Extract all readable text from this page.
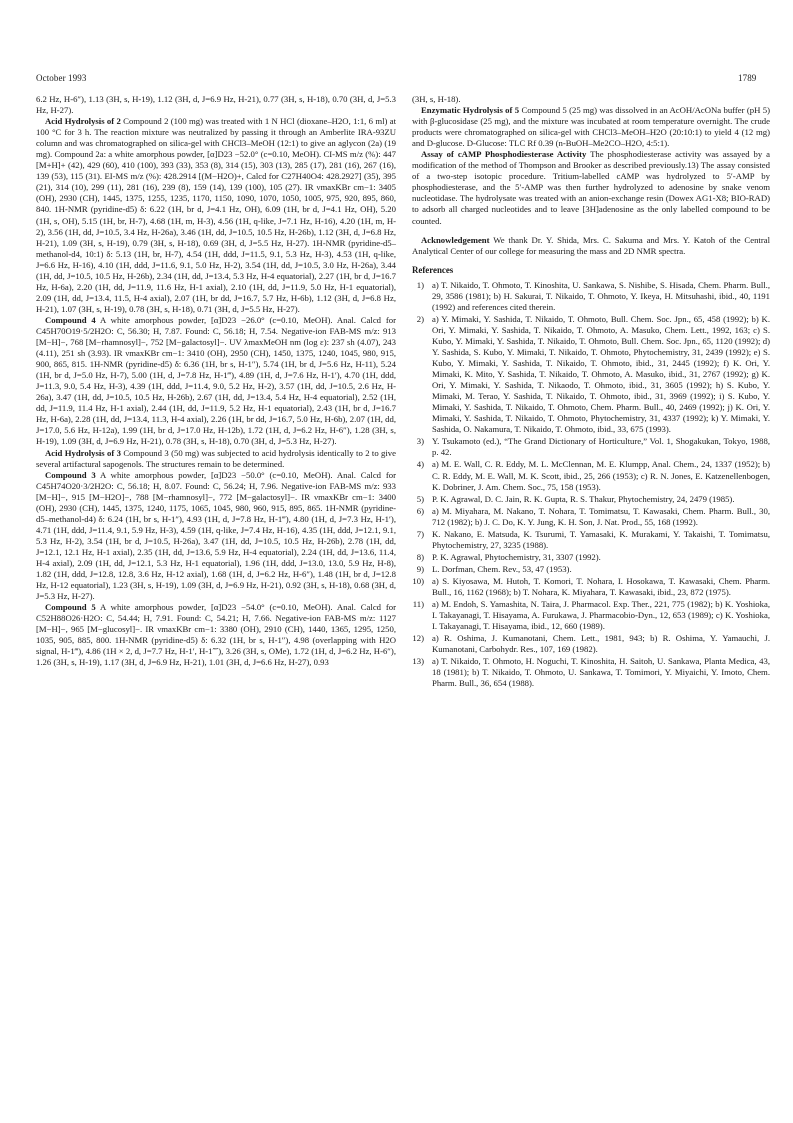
October 1993	1789

6.2 Hz, H-6″), 1.13 (3H, s, H-19), 1.12 (3H, d, J=6.9 Hz, H-21), 0.77 (3H, s, H-18), 0.70 (3H, d, J=5.3 Hz, H-27).

Acid Hydrolysis of 2 Compound 2 (100 mg) was treated with 1 N HCl (dioxane–H2O, 1:1, 6 ml) at 100 °C for 3 h. The reaction mixture was neutralized by passing it through an Amberlite IRA-93ZU column and was chromatographed on silica-gel with CHCl3–MeOH (12:1) to give an aglycon (2a) (19 mg). Compound 2a: a white amorphous powder, [α]D23 −52.0° (c=0.10, MeOH). CI-MS m/z (%): 447 [M+H]+ (42), 429 (60), 410 (100), 393 (33), 353 (8), 314 (15), 303 (13), 285 (17), 281 (16), 267 (16), 139 (53), 115 (31). EI-MS m/z (%): 428.2914 [(M−H2O)+, Calcd for C27H40O4: 428.2927] (35), 395 (21), 314 (10), 299 (11), 281 (16), 239 (8), 159 (14), 139 (100), 105 (27). IR νmaxKBr cm−1: 3405 (OH), 2930 (CH), 1445, 1375, 1255, 1235, 1170, 1150, 1090, 1070, 1050, 1005, 975, 920, 895, 860, 840. 1H-NMR (pyridine-d5) δ: 6.22 (1H, br d, J=4.1 Hz, OH), 6.09 (1H, br d, J=4.1 Hz, OH), 5.20 (1H, s, OH), 5.15 (1H, br, H-7), 4.68 (1H, m, H-3), 4.56 (1H, q-like, J=7.1 Hz, H-16), 4.20 (1H, m, H-2), 3.56 (1H, dd, J=10.5, 3.4 Hz, H-26a), 3.46 (1H, dd, J=10.5, 10.5 Hz, H-26b), 1.12 (3H, d, J=6.8 Hz, H-21), 1.09 (3H, s, H-19), 0.79 (3H, s, H-18), 0.69 (3H, d, J=5.5 Hz, H-27). 1H-NMR (pyridine-d5–methanol-d4, 10:1) δ: 5.13 (1H, br, H-7), 4.54 (1H, ddd, J=11.5, 9.1, 5.3 Hz, H-3), 4.53 (1H, q-like, J=6.6 Hz, H-16), 4.10 (1H, ddd, J=11.6, 9.1, 5.0 Hz, H-2), 3.54 (1H, dd, J=10.5, 3.0 Hz, H-26a), 3.44 (1H, dd, J=10.5, 10.5 Hz, H-26b), 2.34 (1H, dd, J=13.4, 5.3 Hz, H-4 equatorial), 2.27 (1H, br d, J=16.7 Hz, H-6a), 2.20 (1H, dd, J=11.9, 11.6 Hz, H-1 axial), 2.10 (1H, dd, J=11.9, 5.0 Hz, H-1 equatorial), 2.09 (1H, dd, J=13.4, 11.5, H-4 axial), 2.07 (1H, br dd, J=16.7, 5.7 Hz, H-6b), 1.12 (3H, d, J=6.8 Hz, H-21), 1.07 (3H, s, H-19), 0.78 (3H, s, H-18), 0.71 (3H, d, J=5.5 Hz, H-27).

Compound 4 A white amorphous powder, [α]D23 −26.0° (c=0.10, MeOH). Anal. Calcd for C45H70O19·5/2H2O: C, 56.30; H, 7.87. Found: C, 56.18; H, 7.54. Negative-ion FAB-MS m/z: 913 [M−H]−, 768 [M−rhamnosyl]−, 752 [M−galactosyl]−. UV λmaxMeOH nm (log ε): 237 sh (4.07), 243 (4.11), 251 sh (3.93). IR νmaxKBr cm−1: 3410 (OH), 2950 (CH), 1450, 1375, 1240, 1045, 980, 915, 900, 865, 815. 1H-NMR (pyridine-d5) δ: 6.36 (1H, br s, H-1″), 5.74 (1H, br d, J=5.6 Hz, H-11), 5.24 (1H, br d, J=5.0 Hz, H-7), 5.00 (1H, d, J=7.8 Hz, H-1‴), 4.89 (1H, d, J=7.6 Hz, H-1′), 4.70 (1H, ddd, J=11.3, 9.0, 5.4 Hz, H-3), 4.39 (1H, ddd, J=11.4, 9.0, 5.2 Hz, H-2), 3.57 (1H, dd, J=10.5, 2.6 Hz, H-26a), 3.47 (1H, dd, J=10.5, 10.5 Hz, H-26b), 2.67 (1H, dd, J=13.4, 5.4 Hz, H-4 equatorial), 2.52 (1H, dd, J=11.9, 11.4 Hz, H-1 axial), 2.44 (1H, dd, J=11.9, 5.2 Hz, H-1 equatorial), 2.43 (1H, br d, J=16.7 Hz, H-6a), 2.28 (1H, dd, J=13.4, 11.3, H-4 axial), 2.26 (1H, br dd, J=16.7, 5.0 Hz, H-6b), 2.07 (1H, dd, J=17.0, 5.6 Hz, H-12a), 1.99 (1H, br d, J=17.0 Hz, H-12b), 1.72 (1H, d, J=6.2 Hz, H-6″), 1.28 (3H, s, H-19), 1.09 (3H, d, J=6.9 Hz, H-21), 0.78 (3H, s, H-18), 0.70 (3H, d, J=5.3 Hz, H-27).

Acid Hydrolysis of 3 Compound 3 (50 mg) was subjected to acid hydrolysis identically to 2 to give several artifactural sapogenols. The structures remain to be determined.

Compound 3 A white amorphous powder, [α]D23 −50.0° (c=0.10, MeOH). Anal. Calcd for C45H74O20·3/2H2O: C, 56.18; H, 8.07. Found: C, 56.24; H, 7.96. Negative-ion FAB-MS m/z: 933 [M−H]−, 915 [M−H2O]−, 788 [M−rhamnosyl]−, 772 [M−galactosyl]−. IR νmaxKBr cm−1: 3400 (OH), 2930 (CH), 1445, 1375, 1240, 1175, 1065, 1045, 980, 960, 915, 895, 865. 1H-NMR (pyridine-d5–methanol-d4) δ: 6.24 (1H, br s, H-1″), 4.93 (1H, d, J=7.8 Hz, H-1‴), 4.80 (1H, d, J=7.3 Hz, H-1′), 4.71 (1H, ddd, J=11.4, 9.1, 5.9 Hz, H-3), 4.59 (1H, q-like, J=7.4 Hz, H-16), 4.35 (1H, ddd, J=12.1, 9.1, 5.3 Hz, H-2), 3.54 (1H, br d, J=10.5, H-26a), 3.47 (1H, dd, J=10.5, 10.5 Hz, H-26b), 2.78 (1H, dd, J=12.1, 12.1 Hz, H-1 axial), 2.35 (1H, dd, J=13.6, 5.9 Hz, H-4 equatorial), 2.24 (1H, dd, J=13.6, 11.4, H-4 axial), 2.09 (1H, dd, J=12.1, 5.3 Hz, H-1 equatorial), 1.96 (1H, ddd, J=13.0, 13.0, 5.9 Hz, H-8), 1.82 (1H, ddd, J=12.8, 12.8, 3.6 Hz, H-12 axial), 1.68 (1H, d, J=6.2 Hz, H-6″), 1.48 (1H, br d, J=12.8 Hz, H-12 equatorial), 1.23 (3H, s, H-19), 1.09 (3H, d, J=6.9 Hz, H-21), 0.92 (3H, s, H-18), 0.68 (3H, d, J=5.3 Hz, H-27).

Compound 5 A white amorphous powder, [α]D23 −54.0° (c=0.10, MeOH). Anal. Calcd for C52H88O26·H2O: C, 54.44; H, 7.91. Found: C, 54.21; H, 7.66. Negative-ion FAB-MS m/z: 1127 [M−H]−, 965 [M−glucosyl]−. IR νmaxKBr cm−1: 3380 (OH), 2910 (CH), 1440, 1365, 1295, 1250, 1035, 905, 885, 800. 1H-NMR (pyridine-d5) δ: 6.32 (1H, br s, H-1″), 4.98 (overlapping with H2O signal, H-1‴), 4.86 (1H × 2, d, J=7.7 Hz, H-1′, H-1⁗), 3.26 (3H, s, OMe), 1.72 (1H, d, J=6.2 Hz, H-6″), 1.26 (3H, s, H-19), 1.17 (3H, d, J=6.9 Hz, H-21), 1.01 (3H, d, J=6.6 Hz, H-27), 0.93

(3H, s, H-18).

Enzymatic Hydrolysis of 5 Compound 5 (25 mg) was dissolved in an AcOH/AcONa buffer (pH 5) with β-glucosidase (25 mg), and the mixture was incubated at room temperature overnight. The crude products were chromatographed on silica-gel with CHCl3–MeOH–H2O (20:10:1) to yield 4 (12 mg) and D-glucose. D-Glucose: TLC Rf 0.39 (n-BuOH–Me2CO–H2O, 4:5:1).

Assay of cAMP Phosphodiesterase Activity The phosphodiesterase activity was assayed by a modification of the method of Thompson and Brooker as described previously.13) The assay consisted of a two-step isotopic procedure. Tritium-labelled cAMP was hydrolyzed to 5′-AMP by phosphodiesterase, and the 5′-AMP was then further hydrolyzed to adenosine by snake venom nucleotidase. The hydrolysate was treated with an anion-exchange resin (Dowex AG1-X8; BIO-RAD) to adsorb all charged nucleotides and to leave [3H]adenosine as the only labelled compound to be counted.

Acknowledgement We thank Dr. Y. Shida, Mrs. C. Sakuma and Mrs. Y. Katoh of the Central Analytical Center of our college for measuring the mass and 2D NMR spectra.

References
1) a) T. Nikaido, T. Ohmoto, T. Kinoshita, U. Sankawa, S. Nishibe, S. Hisada, Chem. Pharm. Bull., 29, 3586 (1981); b) H. Sakurai, T. Nikaido, T. Ohmoto, Y. Ikeya, H. Mitsuhashi, ibid., 40, 1191 (1992) and references cited therein.
2) a) Y. Mimaki, Y. Sashida, T. Nikaido, T. Ohmoto, Bull. Chem. Soc. Jpn., 65, 458 (1992); b) K. Ori, Y. Mimaki, Y. Sashida, T. Nikaido, T. Ohmoto, A. Masuko, Chem. Lett., 1992, 163; c) S. Kubo, Y. Mimaki, Y. Sashida, T. Nikaido, T. Ohmoto, Bull. Chem. Soc. Jpn., 65, 1120 (1992); d) Y. Sashida, S. Kubo, Y. Mimaki, T. Nikaido, T. Ohmoto, Phytochemistry, 31, 2439 (1992); e) S. Kubo, Y. Mimaki, Y. Sashida, T. Nikaido, T. Ohmoto, ibid., 31, 2445 (1992); f) K. Ori, Y. Mimaki, K. Mito, Y. Sashida, T. Nikaido, T. Ohmoto, A. Masuko, ibid., 31, 2767 (1992); g) K. Ori, Y. Mimaki, Y. Sashida, T. Nikaodo, T. Ohmoto, ibid., 31, 3605 (1992); h) S. Kubo, Y. Mimaki, M. Terao, Y. Sashida, T. Nikaido, T. Ohmoto, ibid., 31, 3969 (1992); i) S. Kubo, Y. Mimaki, Y. Sashida, T. Nikaido, T. Ohmoto, Chem. Pharm. Bull., 40, 2469 (1992); j) K. Ori, Y. Mimaki, Y. Sashida, T. Nikaido, T. Ohmoto, Phytochemistry, 31, 4337 (1992); k) Y. Mimaki, Y. Sashida, O. Nakamura, T. Nikaido, T. Ohmoto, ibid., 33, 675 (1993).
3) Y. Tsukamoto (ed.), “The Grand Dictionary of Horticulture,” Vol. 1, Shogakukan, Tokyo, 1988, p. 42.
4) a) M. E. Wall, C. R. Eddy, M. L. McClennan, M. E. Klumpp, Anal. Chem., 24, 1337 (1952); b) C. R. Eddy, M. E. Wall, M. K. Scott, ibid., 25, 266 (1953); c) R. N. Jones, E. Katzenellenbogen, K. Dobriner, J. Am. Chem. Soc., 75, 158 (1953).
5) P. K. Agrawal, D. C. Jain, R. K. Gupta, R. S. Thakur, Phytochemistry, 24, 2479 (1985).
6) a) M. Miyahara, M. Nakano, T. Nohara, T. Tomimatsu, T. Kawasaki, Chem. Pharm. Bull., 30, 712 (1982); b) J. C. Do, K. Y. Jung, K. H. Son, J. Nat. Prod., 55, 168 (1992).
7) K. Nakano, E. Matsuda, K. Tsurumi, T. Yamasaki, K. Murakami, Y. Takaishi, T. Tomimatsu, Phytochemistry, 27, 3235 (1988).
8) P. K. Agrawal, Phytochemistry, 31, 3307 (1992).
9) L. Dorfman, Chem. Rev., 53, 47 (1953).
10) a) S. Kiyosawa, M. Hutoh, T. Komori, T. Nohara, I. Hosokawa, T. Kawasaki, Chem. Pharm. Bull., 16, 1162 (1968); b) T. Nohara, K. Miyahara, T. Kawasaki, ibid., 23, 872 (1975).
11) a) M. Endoh, S. Yamashita, N. Taira, J. Pharmacol. Exp. Ther., 221, 775 (1982); b) K. Yoshioka, I. Takayanagi, T. Hisayama, A. Furukawa, J. Pharmacobio-Dyn., 12, 653 (1989); c) K. Yoshioka, I. Takayanagi, T. Hisayama, ibid., 12, 660 (1989).
12) a) R. Oshima, J. Kumanotani, Chem. Lett., 1981, 943; b) R. Oshima, Y. Yamauchi, J. Kumanotani, Carbohydr. Res., 107, 169 (1982).
13) a) T. Nikaido, T. Ohmoto, H. Noguchi, T. Kinoshita, H. Saitoh, U. Sankawa, Planta Medica, 43, 18 (1981); b) T. Nikaido, T. Ohmoto, U. Sankawa, T. Tomimori, Y. Miyaichi, Y. Imoto, Chem. Pharm. Bull., 36, 654 (1988).
